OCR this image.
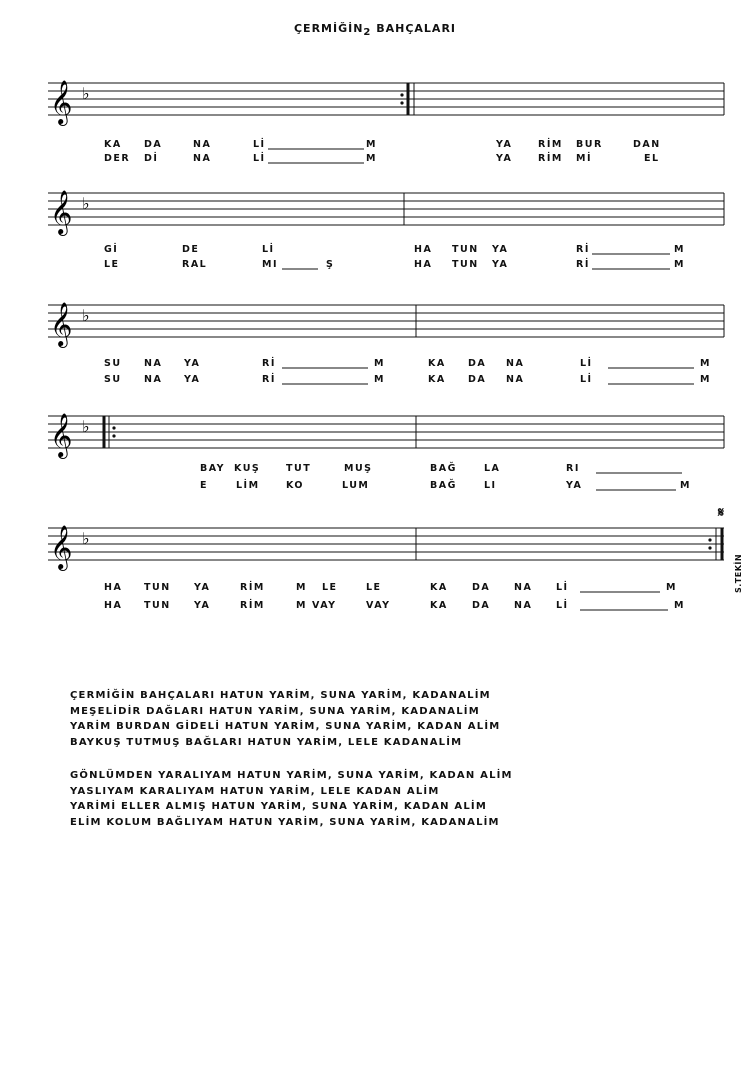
$ÇERMİĞİN_2$ BAHÇALARI
𝄞 ♭
KA DA	NA	Lİ	M	YA	RİM BUR	DAN
DER Dİ	NA	Lİ	M	YA	RİM Mİ	EL
𝄞 ♭
Gİ	DE	Lİ	HA TUN YA	Rİ	M
LE	RAL	MI	Ş	HA TUN YA	Rİ	M
𝄞 ♭
SU NA YA	Rİ	M	KA DA NA	Lİ	M
SU NA YA	Rİ	M	KA DA NA	Lİ	M
𝄞 ♭
BAY KUŞ	TUT	MUŞ	BAĞ	LA	RI
E	LİM	KO	LUM	BAĞ	LI	YA	M
𝄞 ♭
HA TUN YA	RİM	M LE	LE	KA	DA	NA Lİ	M
HA TUN YA	RİM	M VAY	VAY	KA	DA	NA Lİ	M
𝄋
S.TEKİN
ÇERMİĞİN BAHÇALARI HATUN YARİM, SUNA YARİM, KADANALİM
MEŞELİDİR DAĞLARI HATUN YARİM, SUNA YARİM, KADANALİM
YARİM BURDAN GİDELİ HATUN YARİM, SUNA YARİM, KADAN ALİM
BAYKUŞ TUTMUŞ BAĞLARI HATUN YARİM, LELE KADANALİM
GÖNLÜMDEN YARALIYAM HATUN YARİM, SUNA YARİM, KADAN ALİM
YASLIYAM KARALIYAM HATUN YARİM, LELE KADAN ALİM
YARİMİ ELLER ALMIŞ HATUN YARİM, SUNA YARİM, KADAN ALİM
ELİM KOLUM BAĞLIYAM HATUN YARİM, SUNA YARİM, KADANALİM
